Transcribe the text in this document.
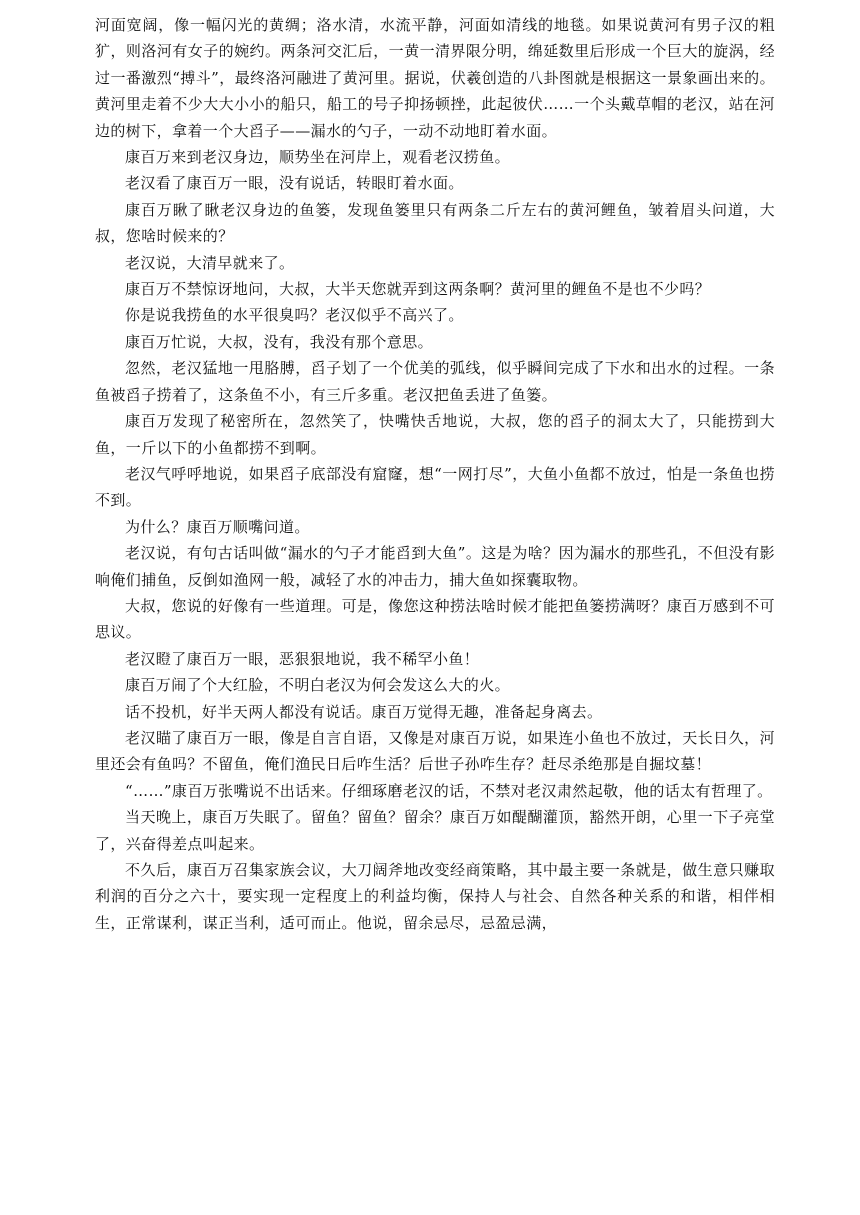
河面宽阔，像一幅闪光的黄绸；洛水清，水流平静，河面如清线的地毯。如果说黄河有男子汉的粗犷，则洛河有女子的婉约。两条河交汇后，一黄一清界限分明，绵延数里后形成一个巨大的旋涡，经过一番激烈“搏斗”，最终洛河融进了黄河里。据说，伏羲创造的八卦图就是根据这一景象画出来的。黄河里走着不少大大小小的船只，船工的号子抑扬顿挫，此起彼伏……一个头戴草帽的老汉，站在河边的树下，拿着一个大舀子——漏水的勺子，一动不动地盯着水面。

康百万来到老汉身边，顺势坐在河岸上，观看老汉捞鱼。

老汉看了康百万一眼，没有说话，转眼盯着水面。

康百万瞅了瞅老汉身边的鱼篓，发现鱼篓里只有两条二斤左右的黄河鲤鱼，皱着眉头问道，大叔，您啥时候来的？

老汉说，大清早就来了。

康百万不禁惊讶地问，大叔，大半天您就弄到这两条啊？黄河里的鲤鱼不是也不少吗？

你是说我捞鱼的水平很臭吗？老汉似乎不高兴了。

康百万忙说，大叔，没有，我没有那个意思。

忽然，老汉猛地一甩胳膊，舀子划了一个优美的弧线，似乎瞬间完成了下水和出水的过程。一条鱼被舀子捞着了，这条鱼不小，有三斤多重。老汉把鱼丢进了鱼篓。

康百万发现了秘密所在，忽然笑了，快嘴快舌地说，大叔，您的舀子的洞太大了，只能捞到大鱼，一斤以下的小鱼都捞不到啊。

老汉气呼呼地说，如果舀子底部没有窟窿，想“一网打尽”，大鱼小鱼都不放过，怕是一条鱼也捞不到。

为什么？康百万顺嘴问道。

老汉说，有句古话叫做“漏水的勺子才能舀到大鱼”。这是为啥？因为漏水的那些孔，不但没有影响俺们捕鱼，反倒如渔网一般，减轻了水的冲击力，捕大鱼如探囊取物。

大叔，您说的好像有一些道理。可是，像您这种捞法啥时候才能把鱼篓捞满呀？康百万感到不可思议。

老汉瞪了康百万一眼，恶狠狠地说，我不稀罕小鱼！

康百万闹了个大红脸，不明白老汉为何会发这么大的火。

话不投机，好半天两人都没有说话。康百万觉得无趣，准备起身离去。

老汉瞄了康百万一眼，像是自言自语，又像是对康百万说，如果连小鱼也不放过，天长日久，河里还会有鱼吗？不留鱼，俺们渔民日后咋生活？后世子孙咋生存？赶尽杀绝那是自掘坟墓！

“……”康百万张嘴说不出话来。仔细琢磨老汉的话，不禁对老汉肃然起敬，他的话太有哲理了。

当天晚上，康百万失眠了。留鱼？留鱼？留余？康百万如醍醐灌顶，豁然开朗，心里一下子亮堂了，兴奋得差点叫起来。

不久后，康百万召集家族会议，大刀阔斧地改变经商策略，其中最主要一条就是，做生意只赚取利润的百分之六十，要实现一定程度上的利益均衡，保持人与社会、自然各种关系的和谐，相伴相生，正常谋利，谋正当利，适可而止。他说，留余忌尽，忌盈忌满，
